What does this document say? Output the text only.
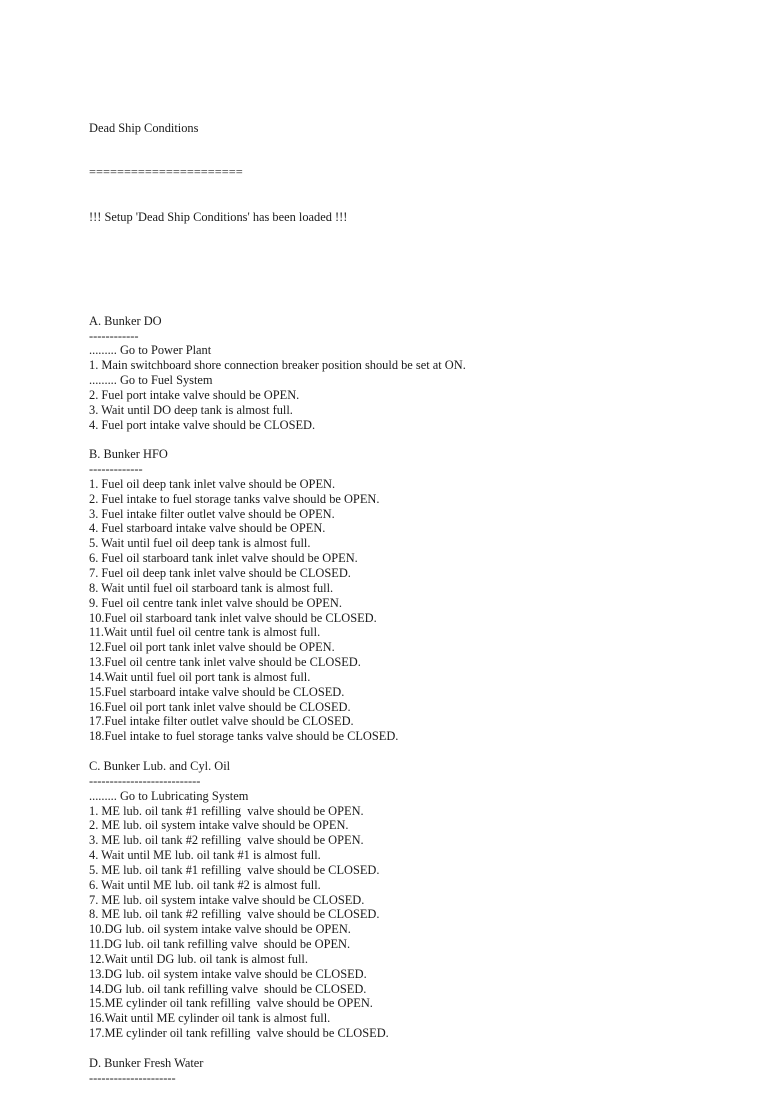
Dead Ship Conditions

======================

!!! Setup 'Dead Ship Conditions' has been loaded !!!

A. Bunker DO
------------
......... Go to Power Plant
1. Main switchboard shore connection breaker position should be set at ON.
......... Go to Fuel System
2. Fuel port intake valve should be OPEN.
3. Wait until DO deep tank is almost full.
4. Fuel port intake valve should be CLOSED.
B. Bunker HFO
-------------
1. Fuel oil deep tank inlet valve should be OPEN.
2. Fuel intake to fuel storage tanks valve should be OPEN.
3. Fuel intake filter outlet valve should be OPEN.
4. Fuel starboard intake valve should be OPEN.
5. Wait until fuel oil deep tank is almost full.
6. Fuel oil starboard tank inlet valve should be OPEN.
7. Fuel oil deep tank inlet valve should be CLOSED.
8. Wait until fuel oil starboard tank is almost full.
9. Fuel oil centre tank inlet valve should be OPEN.
10.Fuel oil starboard tank inlet valve should be CLOSED.
11.Wait until fuel oil centre tank is almost full.
12.Fuel oil port tank inlet valve should be OPEN.
13.Fuel oil centre tank inlet valve should be CLOSED.
14.Wait until fuel oil port tank is almost full.
15.Fuel starboard intake valve should be CLOSED.
16.Fuel oil port tank inlet valve should be CLOSED.
17.Fuel intake filter outlet valve should be CLOSED.
18.Fuel intake to fuel storage tanks valve should be CLOSED.
C. Bunker Lub. and Cyl. Oil
---------------------------
......... Go to Lubricating System
1. ME lub. oil tank #1 refilling  valve should be OPEN.
2. ME lub. oil system intake valve should be OPEN.
3. ME lub. oil tank #2 refilling  valve should be OPEN.
4. Wait until ME lub. oil tank #1 is almost full.
5. ME lub. oil tank #1 refilling  valve should be CLOSED.
6. Wait until ME lub. oil tank #2 is almost full.
7. ME lub. oil system intake valve should be CLOSED.
8. ME lub. oil tank #2 refilling  valve should be CLOSED.
10.DG lub. oil system intake valve should be OPEN.
11.DG lub. oil tank refilling valve  should be OPEN.
12.Wait until DG lub. oil tank is almost full.
13.DG lub. oil system intake valve should be CLOSED.
14.DG lub. oil tank refilling valve  should be CLOSED.
15.ME cylinder oil tank refilling  valve should be OPEN.
16.Wait until ME cylinder oil tank is almost full.
17.ME cylinder oil tank refilling  valve should be CLOSED.
D. Bunker Fresh Water
---------------------
